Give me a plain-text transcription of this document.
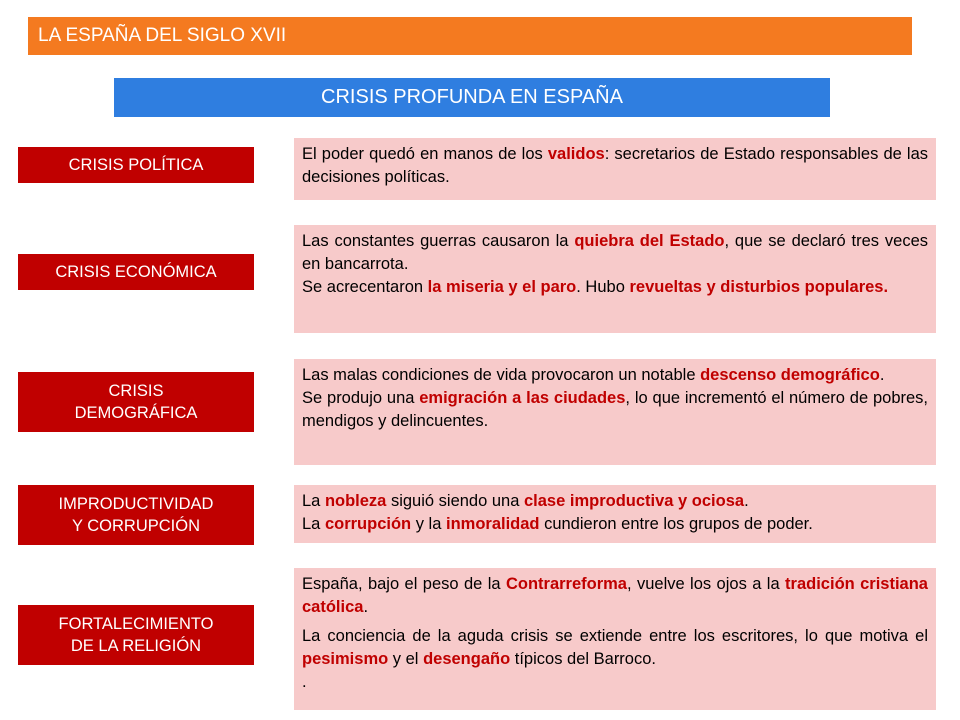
LA ESPAÑA DEL SIGLO XVII
CRISIS PROFUNDA EN ESPAÑA
CRISIS POLÍTICA

El poder quedó en manos de los validos: secretarios de Estado responsables de las decisiones políticas.

CRISIS ECONÓMICA

Las constantes guerras causaron la quiebra del Estado, que se declaró tres veces en bancarrota.

Se acrecentaron la miseria y el paro. Hubo revueltas y disturbios populares.

CRISIS
DEMOGRÁFICA

Las malas condiciones de vida provocaron un notable descenso demográfico.

Se produjo una emigración a las ciudades, lo que incrementó el número de pobres, mendigos y delincuentes.

IMPRODUCTIVIDAD
Y CORRUPCIÓN

La nobleza siguió siendo una clase improductiva y ociosa.

La corrupción y la inmoralidad cundieron entre los grupos de poder.

FORTALECIMIENTO
DE LA RELIGIÓN

España, bajo el peso de la Contrarreforma, vuelve los ojos a la tradición cristiana católica.

La conciencia de la aguda crisis se extiende entre los escritores, lo que motiva el pesimismo y el desengaño típicos del Barroco.

.
